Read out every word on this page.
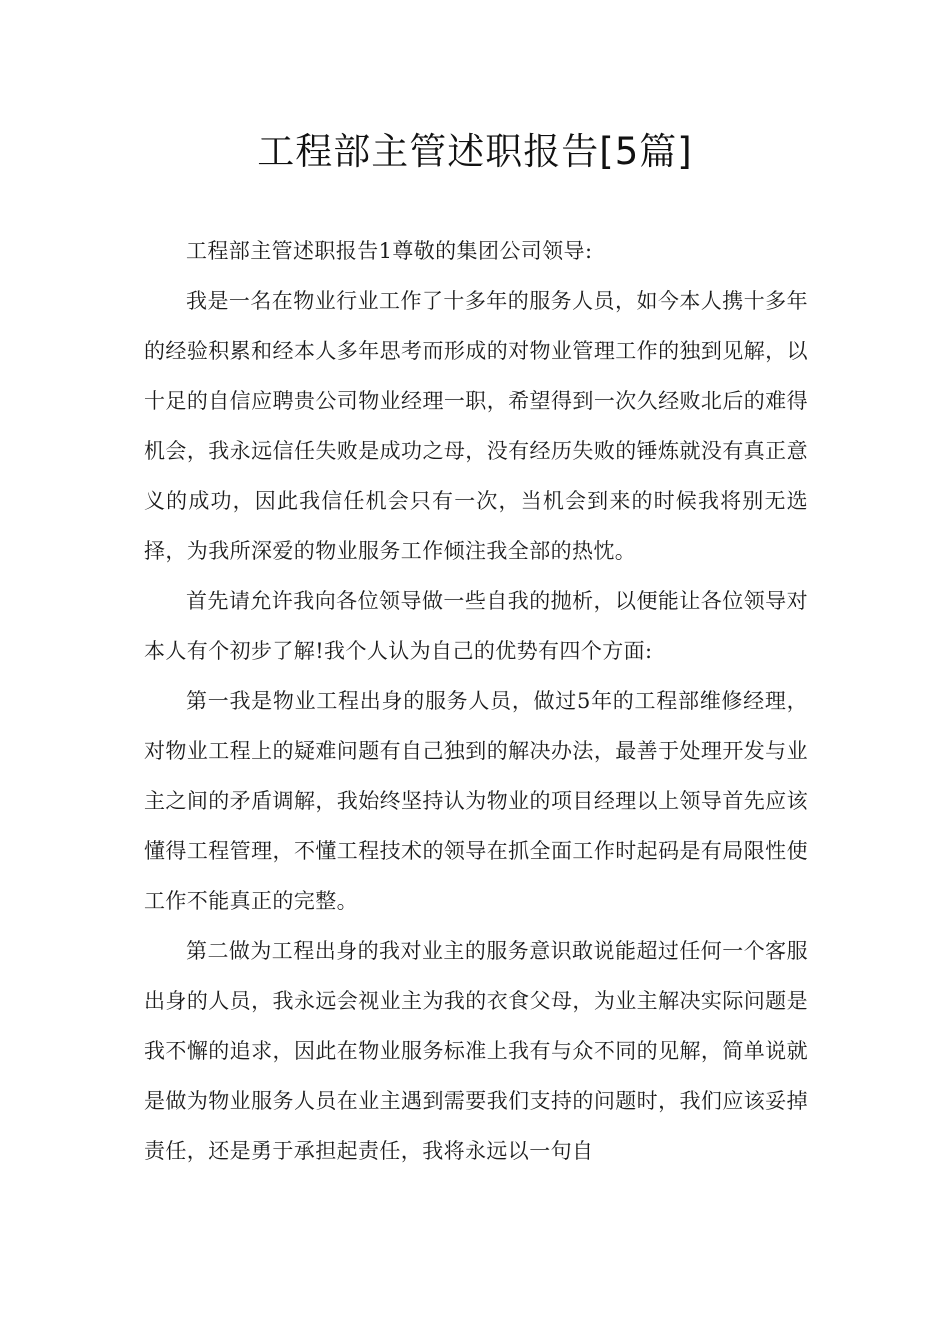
工程部主管述职报告[5篇]

工程部主管述职报告1尊敬的集团公司领导:

我是一名在物业行业工作了十多年的服务人员，如今本人携十多年的经验积累和经本人多年思考而形成的对物业管理工作的独到见解，以十足的自信应聘贵公司物业经理一职，希望得到一次久经败北后的难得机会，我永远信任失败是成功之母，没有经历失败的锤炼就没有真正意义的成功，因此我信任机会只有一次，当机会到来的时候我将别无选择，为我所深爱的物业服务工作倾注我全部的热忱。

首先请允许我向各位领导做一些自我的抛析，以便能让各位领导对本人有个初步了解!我个人认为自己的优势有四个方面:

第一我是物业工程出身的服务人员，做过5年的工程部维修经理，对物业工程上的疑难问题有自己独到的解决办法，最善于处理开发与业主之间的矛盾调解，我始终坚持认为物业的项目经理以上领导首先应该懂得工程管理，不懂工程技术的领导在抓全面工作时起码是有局限性使工作不能真正的完整。

第二做为工程出身的我对业主的服务意识敢说能超过任何一个客服出身的人员，我永远会视业主为我的衣食父母，为业主解决实际问题是我不懈的追求，因此在物业服务标准上我有与众不同的见解，简单说就是做为物业服务人员在业主遇到需要我们支持的问题时，我们应该妥掉责任，还是勇于承担起责任，我将永远以一句自
